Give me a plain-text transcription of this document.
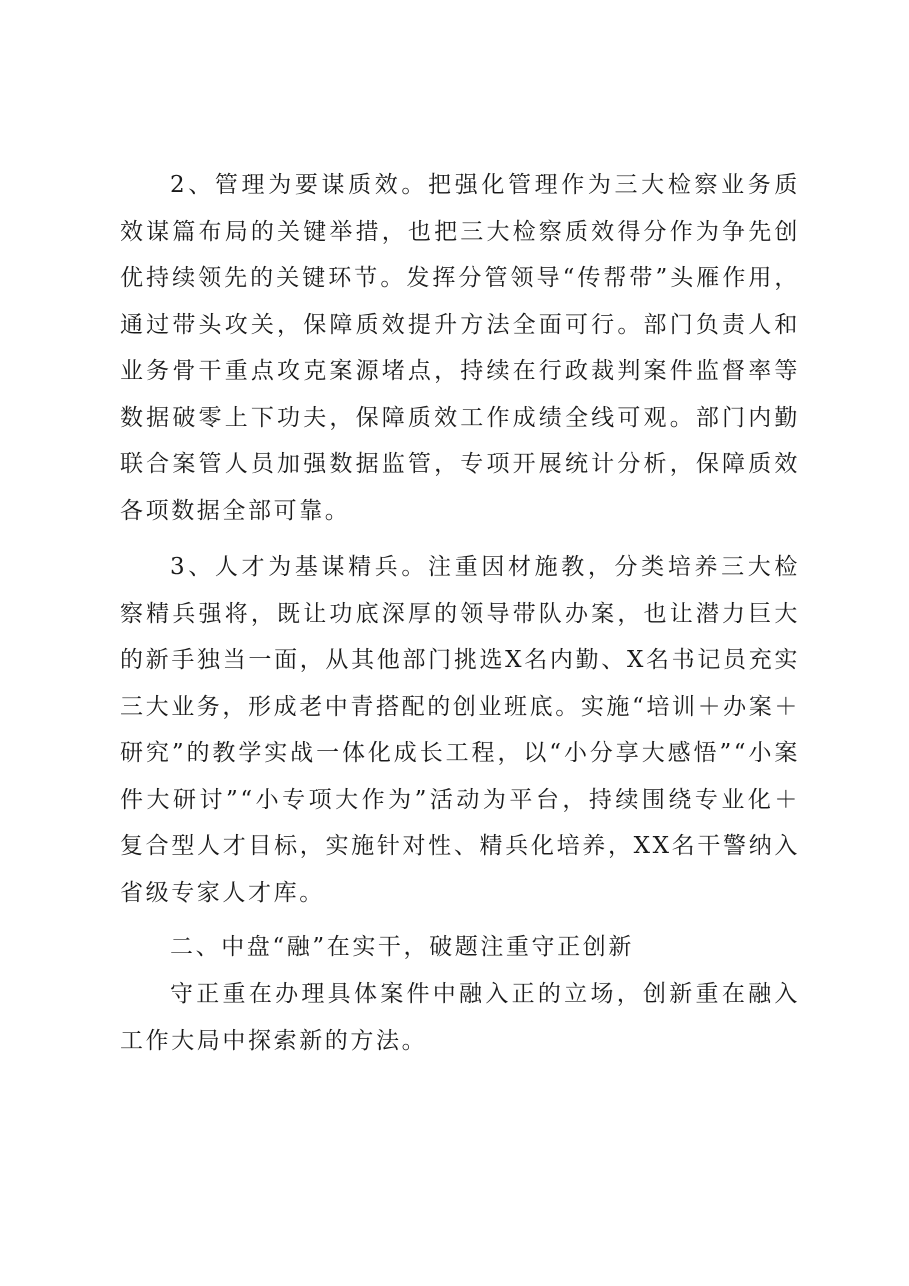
2、管理为要谋质效。把强化管理作为三大检察业务质效谋篇布局的关键举措，也把三大检察质效得分作为争先创优持续领先的关键环节。发挥分管领导“传帮带”头雁作用，通过带头攻关，保障质效提升方法全面可行。部门负责人和业务骨干重点攻克案源堵点，持续在行政裁判案件监督率等数据破零上下功夫，保障质效工作成绩全线可观。部门内勤联合案管人员加强数据监管，专项开展统计分析，保障质效各项数据全部可靠。

3、人才为基谋精兵。注重因材施教，分类培养三大检察精兵强将，既让功底深厚的领导带队办案，也让潜力巨大的新手独当一面，从其他部门挑选X名内勤、X名书记员充实三大业务，形成老中青搭配的创业班底。实施“培训＋办案＋研究”的教学实战一体化成长工程，以“小分享大感悟”“小案件大研讨”“小专项大作为”活动为平台，持续围绕专业化＋复合型人才目标，实施针对性、精兵化培养，XX名干警纳入省级专家人才库。

二、中盘“融”在实干，破题注重守正创新

守正重在办理具体案件中融入正的立场，创新重在融入工作大局中探索新的方法。
